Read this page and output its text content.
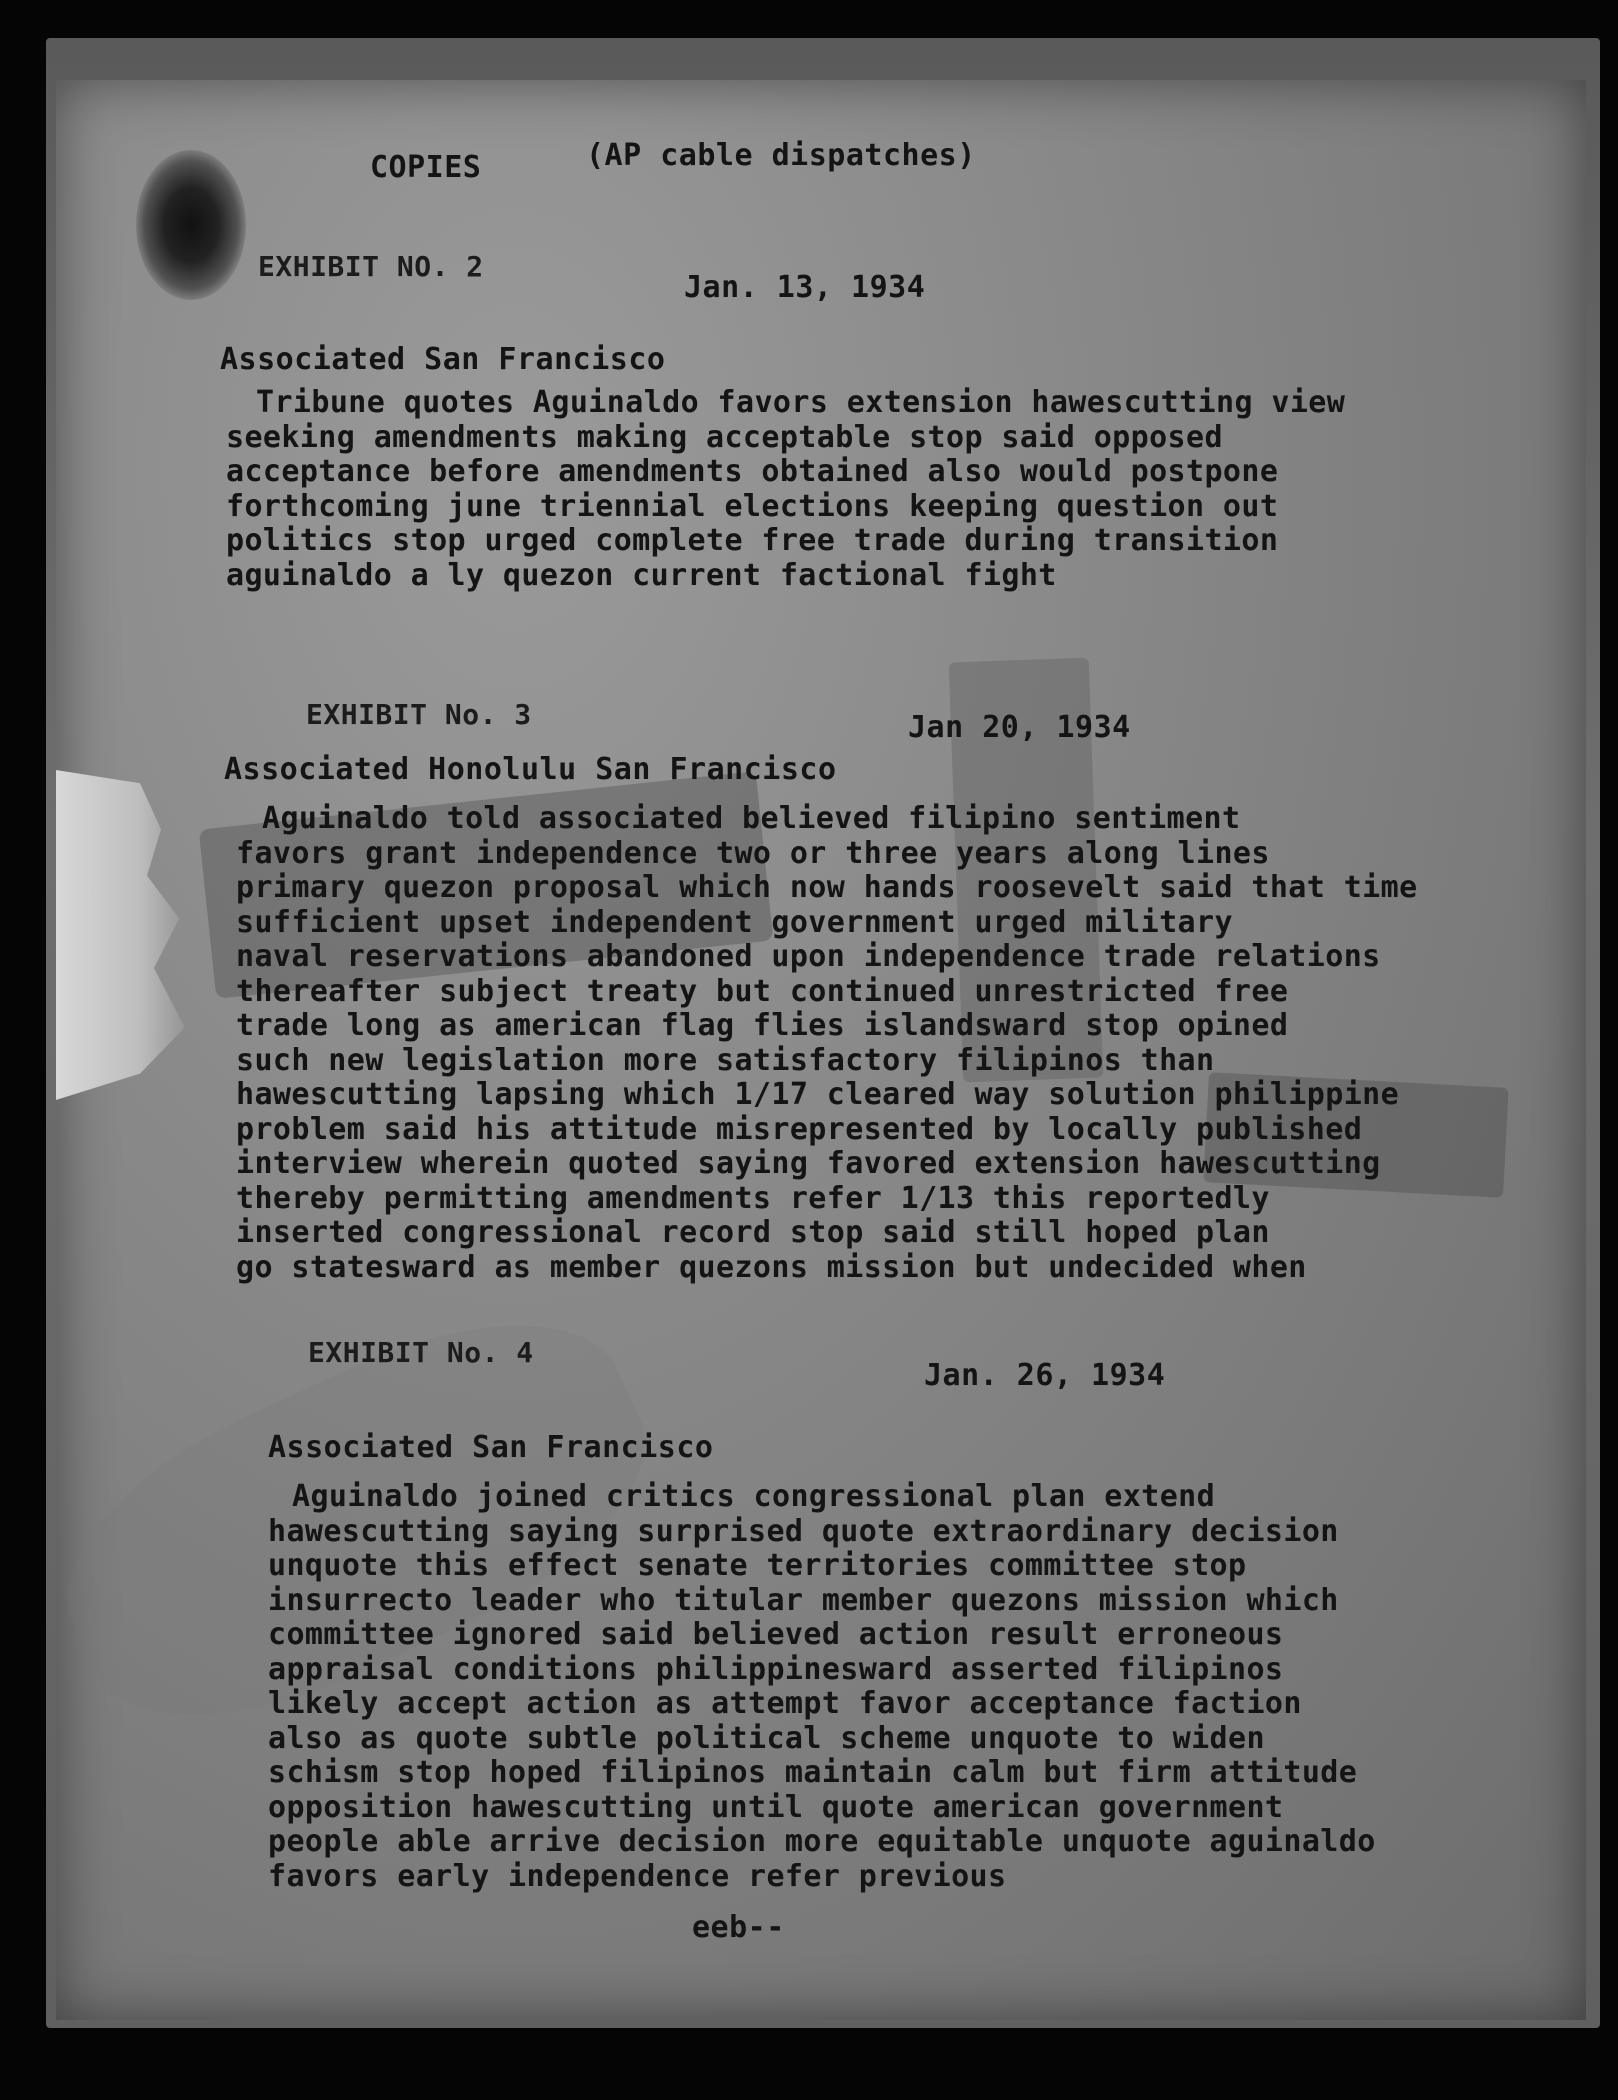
COPIES	(AP cable dispatches)
EXHIBIT NO. 2
Jan. 13, 1934
Associated San Francisco
Tribune quotes Aguinaldo favors extension hawescutting view
seeking amendments making acceptable stop said opposed
acceptance before amendments obtained also would postpone
forthcoming june triennial elections keeping question out
politics stop urged complete free trade during transition
aguinaldo a ly quezon current factional fight
EXHIBIT No. 3	Jan 20, 1934
Associated Honolulu San Francisco
Aguinaldo told associated believed filipino sentiment
favors grant independence two or three years along lines
primary quezon proposal which now hands roosevelt said that time
sufficient upset independent government urged military
naval reservations abandoned upon independence trade relations
thereafter subject treaty but continued unrestricted free
trade long as american flag flies islandsward stop opined
such new legislation more satisfactory filipinos than
hawescutting lapsing which 1/17 cleared way solution philippine
problem said his attitude misrepresented by locally published
interview wherein quoted saying favored extension hawescutting
thereby permitting amendments refer 1/13 this reportedly
inserted congressional record stop said still hoped plan
go statesward as member quezons mission but undecided when
EXHIBIT No. 4
Jan. 26, 1934
Associated San Francisco
Aguinaldo joined critics congressional plan extend
hawescutting saying surprised quote extraordinary decision
unquote this effect senate territories committee stop
insurrecto leader who titular member quezons mission which
committee ignored said believed action result erroneous
appraisal conditions philippinesward asserted filipinos
likely accept action as attempt favor acceptance faction
also as quote subtle political scheme unquote to widen
schism stop hoped filipinos maintain calm but firm attitude
opposition hawescutting until quote american government
people able arrive decision more equitable unquote aguinaldo
favors early independence refer previous
eeb--
